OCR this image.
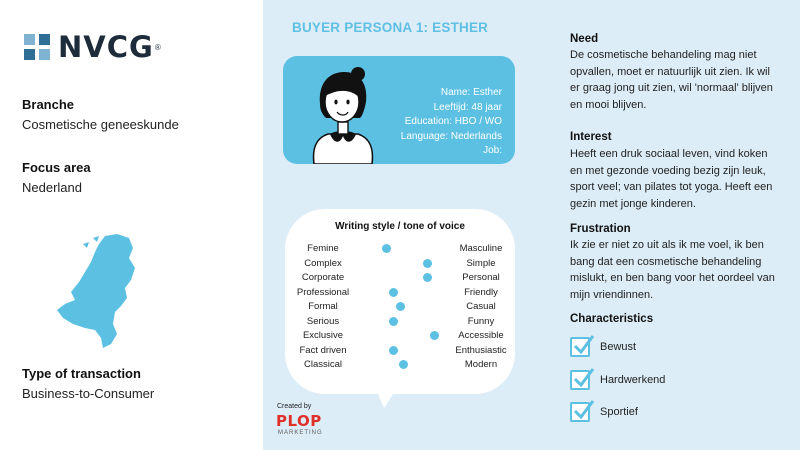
NVCG ®
Branche
Cosmetische geneeskunde
Focus area
Nederland
Type of transaction
Business-to-Consumer
BUYER PERSONA 1: ESTHER
Name: Esther
Leeftijd: 48 jaar
Education: HBO / WO
Language: Nederlands
Job:
Writing style / tone of voice
Femine	Masculine
Complex	Simple
Corporate	Personal
Professional	Friendly
Formal	Casual
Serious	Funny
Exclusive	Accessible
Fact driven	Enthusiastic
Classical	Modern
Created by
PLOP
MARKETING
Need
De cosmetische behandeling mag niet opvallen, moet er natuurlijk uit zien. Ik wil er graag jong uit zien, wil 'normaal' blijven en mooi blijven.
Interest
Heeft een druk sociaal leven, vind koken en met gezonde voeding bezig zijn leuk, sport veel; van pilates tot yoga. Heeft een gezin met jonge kinderen.
Frustration
Ik zie er niet zo uit als ik me voel, ik ben bang dat een cosmetische behandeling mislukt, en ben bang voor het oordeel van mijn vriendinnen.
Characteristics
Bewust
Hardwerkend
Sportief
